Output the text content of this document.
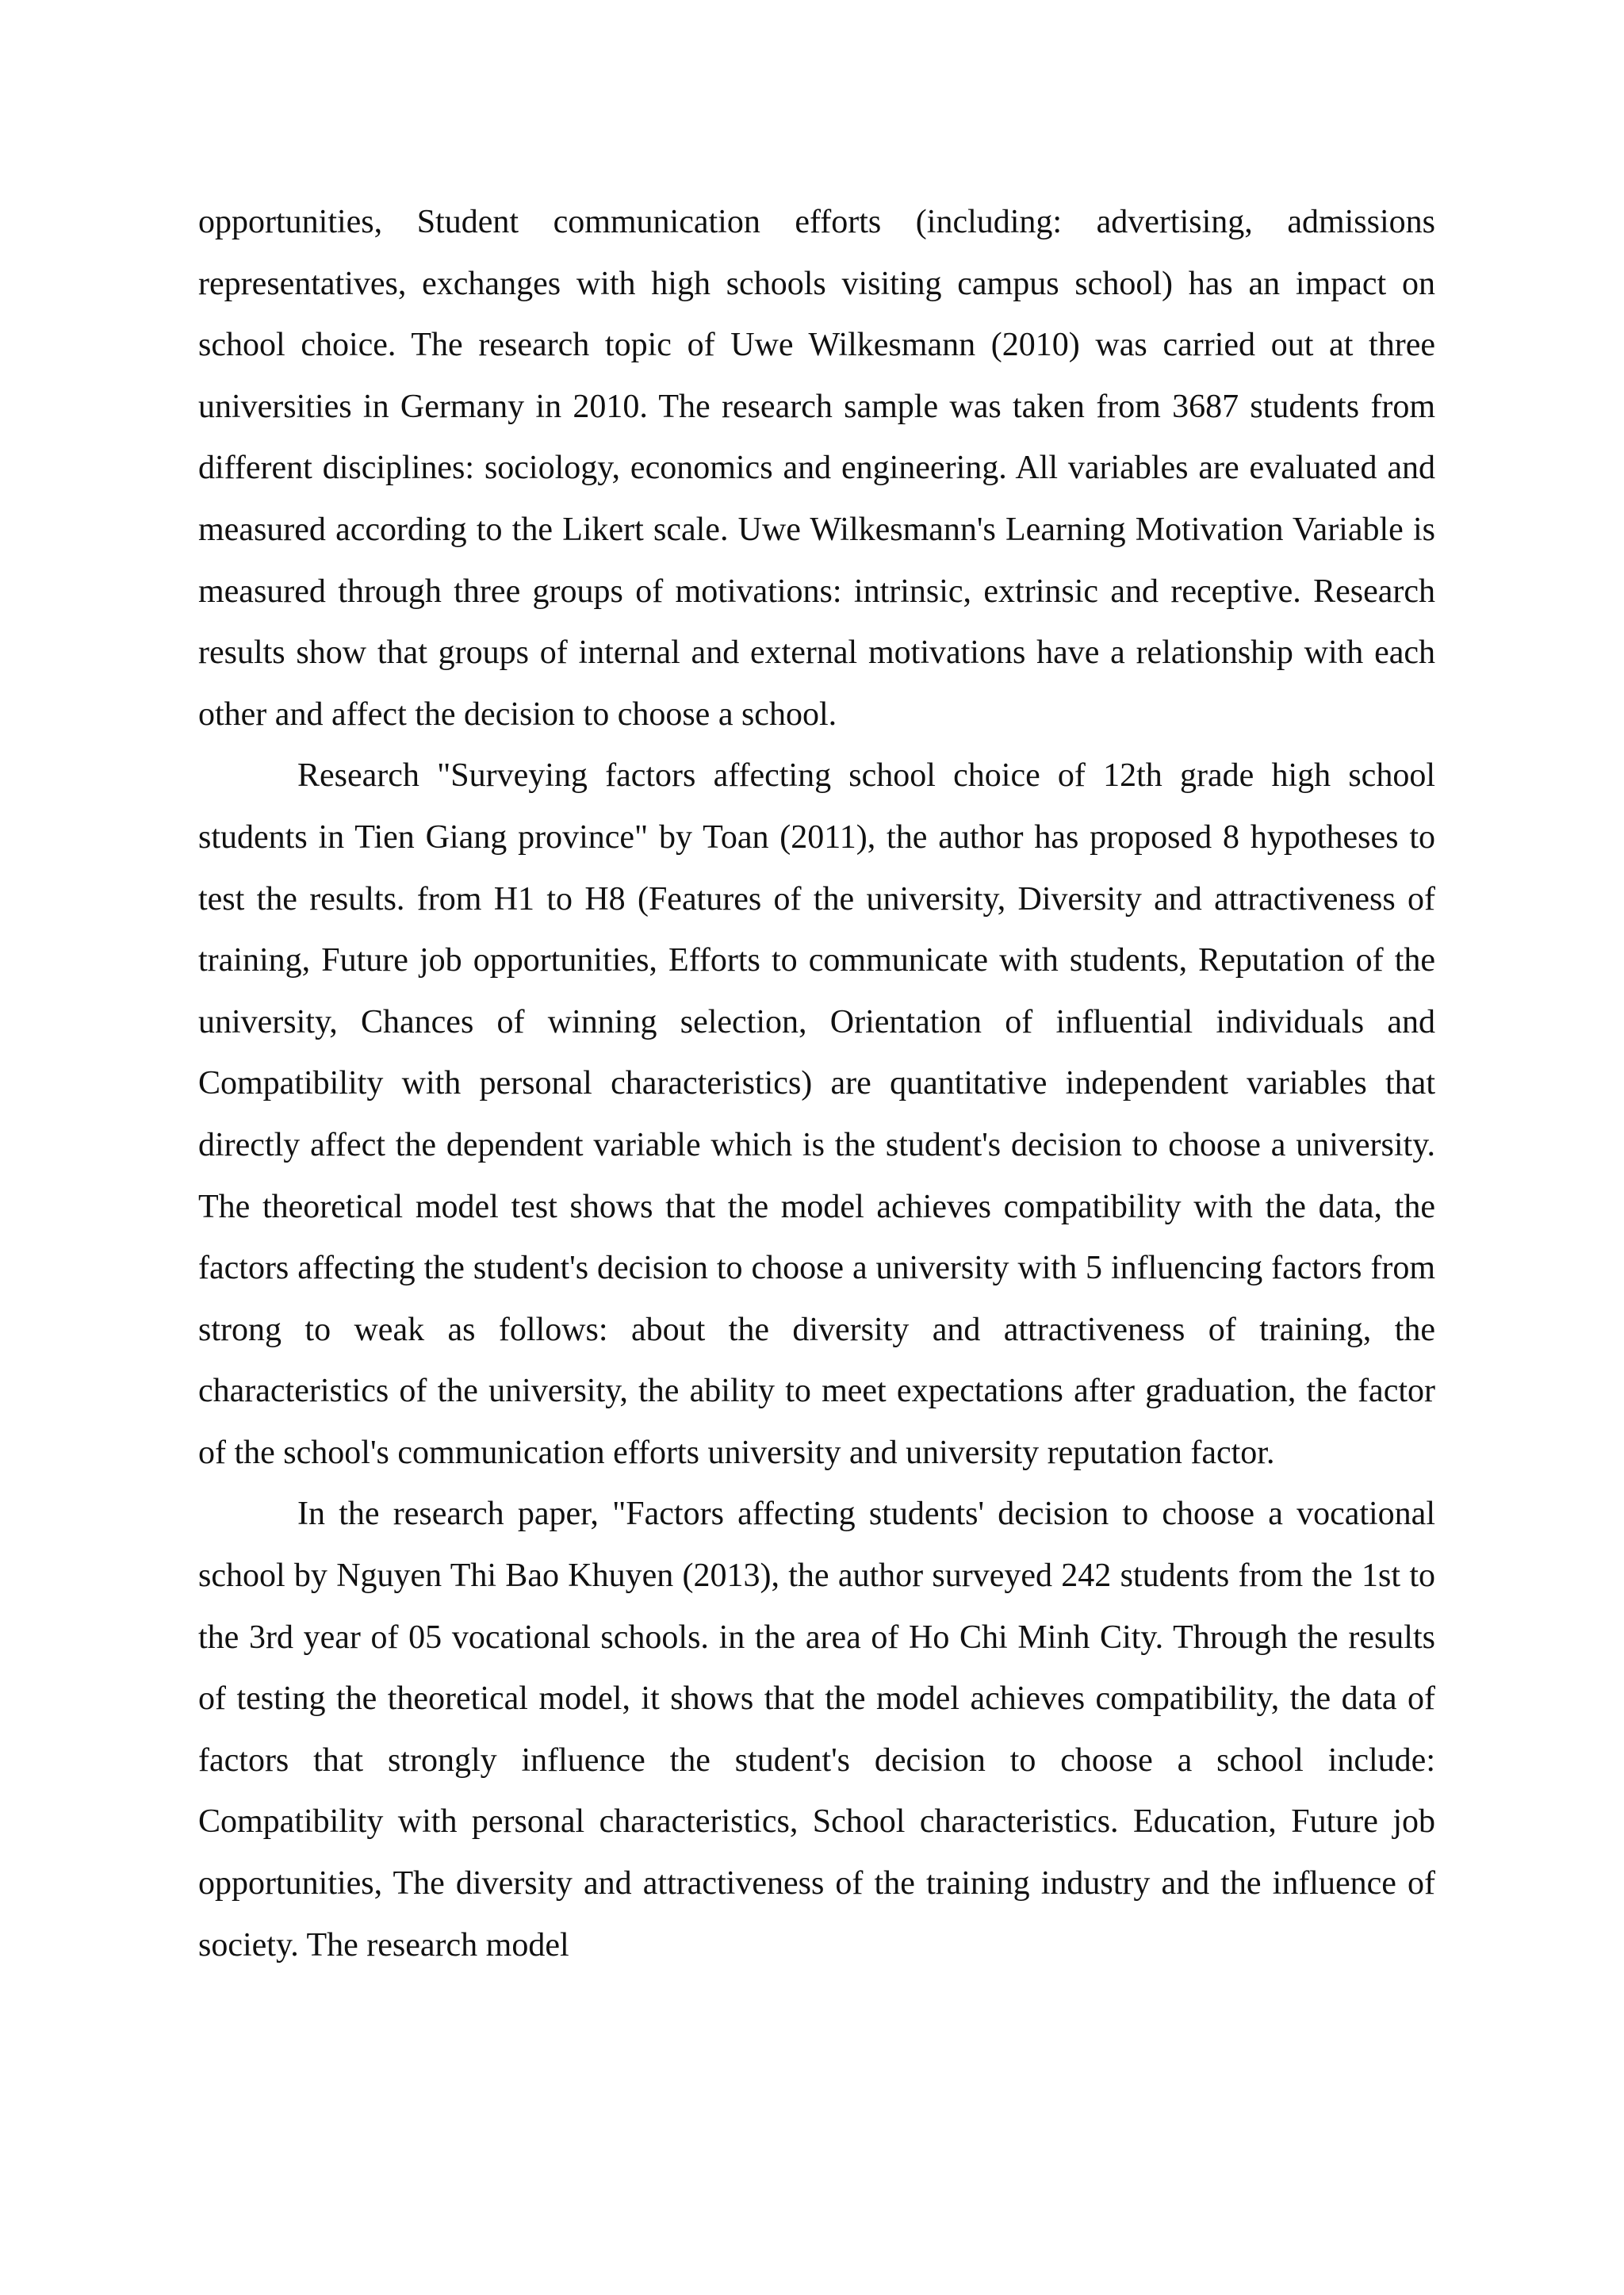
opportunities, Student communication efforts (including: advertising, admissions representatives, exchanges with high schools visiting campus school) has an impact on school choice. The research topic of Uwe Wilkesmann (2010) was carried out at three universities in Germany in 2010. The research sample was taken from 3687 students from different disciplines: sociology, economics and engineering. All variables are evaluated and measured according to the Likert scale. Uwe Wilkesmann's Learning Motivation Variable is measured through three groups of motivations: intrinsic, extrinsic and receptive. Research results show that groups of internal and external motivations have a relationship with each other and affect the decision to choose a school.

Research "Surveying factors affecting school choice of 12th grade high school students in Tien Giang province" by Toan (2011), the author has proposed 8 hypotheses to test the results. from H1 to H8 (Features of the university, Diversity and attractiveness of training, Future job opportunities, Efforts to communicate with students, Reputation of the university, Chances of winning selection, Orientation of influential individuals and Compatibility with personal characteristics) are quantitative independent variables that directly affect the dependent variable which is the student's decision to choose a university. The theoretical model test shows that the model achieves compatibility with the data, the factors affecting the student's decision to choose a university with 5 influencing factors from strong to weak as follows: about the diversity and attractiveness of training, the characteristics of the university, the ability to meet expectations after graduation, the factor of the school's communication efforts university and university reputation factor.

In the research paper, "Factors affecting students' decision to choose a vocational school by Nguyen Thi Bao Khuyen (2013), the author surveyed 242 students from the 1st to the 3rd year of 05 vocational schools. in the area of Ho Chi Minh City. Through the results of testing the theoretical model, it shows that the model achieves compatibility, the data of factors that strongly influence the student's decision to choose a school include: Compatibility with personal characteristics, School characteristics. Education, Future job opportunities, The diversity and attractiveness of the training industry and the influence of society. The research model
